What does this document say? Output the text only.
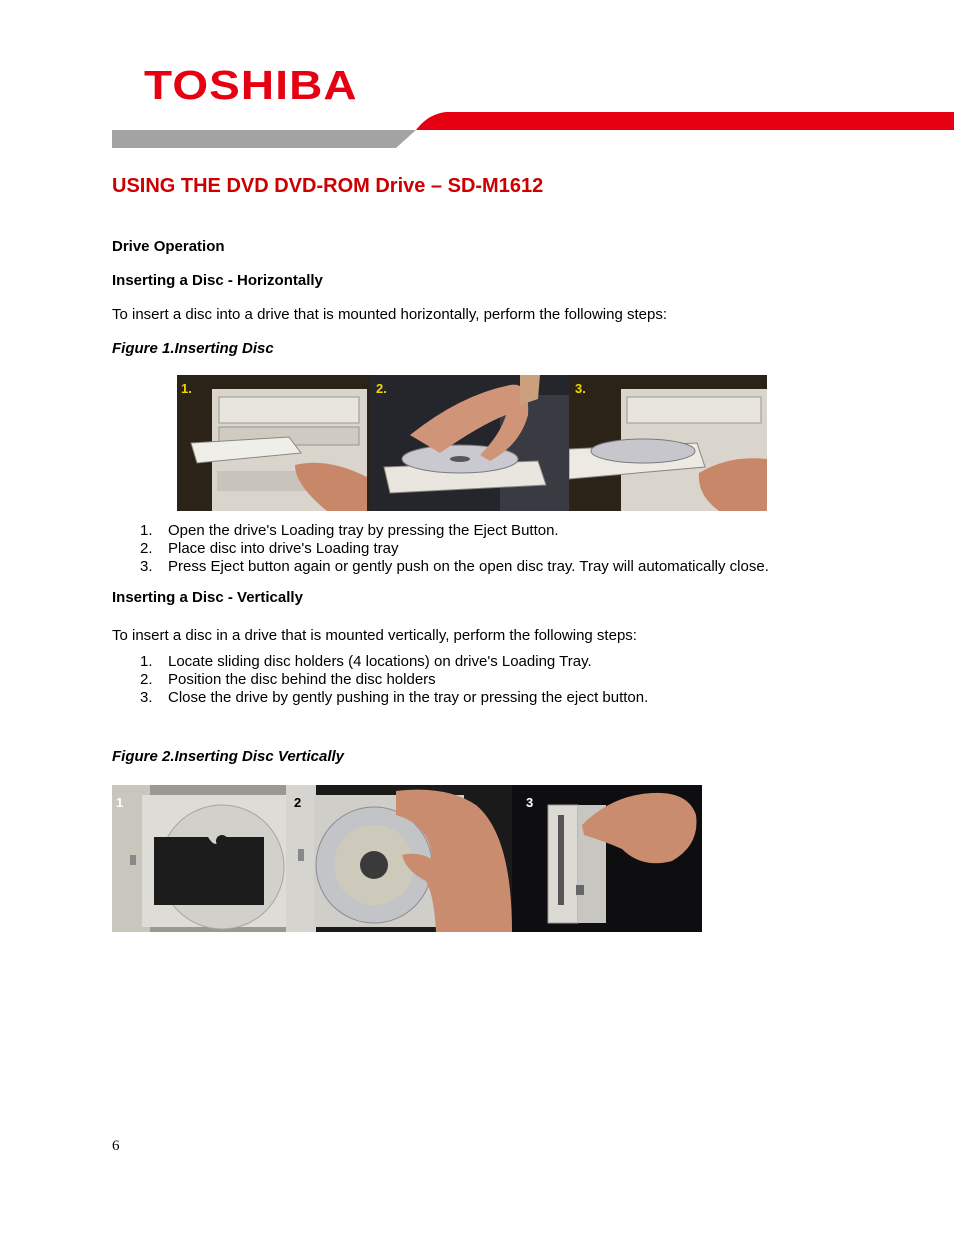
TOSHIBA
USING THE DVD DVD-ROM Drive – SD-M1612
Drive Operation
Inserting a Disc - Horizontally
To insert a disc into a drive that is mounted horizontally, perform the following steps:
Figure 1.Inserting Disc
1.	2.	3.
1. Open the drive's Loading tray by pressing the Eject Button.
2. Place disc into drive's Loading tray
3. Press Eject button again or gently push on the open disc tray. Tray will automatically close.
Inserting a Disc - Vertically
To insert a disc in a drive that is mounted vertically, perform the following steps:
1. Locate sliding disc holders (4 locations) on drive's Loading Tray.
2. Position the disc behind the disc holders
3. Close the drive by gently pushing in the tray or pressing the eject button.
Figure 2.Inserting Disc Vertically
1	2	3
6
